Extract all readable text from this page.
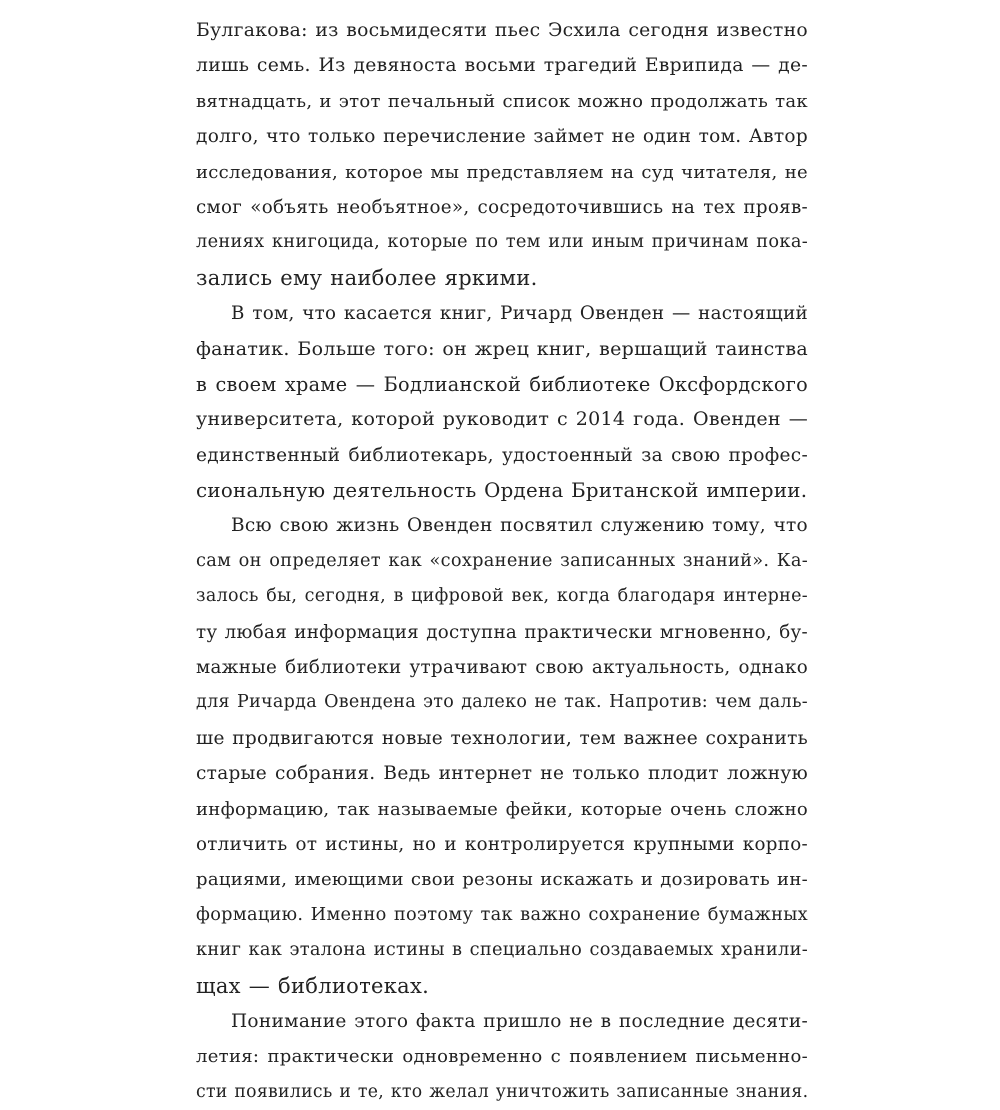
Булгакова: из восьмидесяти пьес Эсхила сегодня известно
лишь семь. Из девяноста восьми трагедий Еврипида — де-
вятнадцать, и этот печальный список можно продолжать так
долго, что только перечисление займет не один том. Автор
исследования, которое мы представляем на суд читателя, не
смог «объять необъятное», сосредоточившись на тех прояв-
лениях книгоцида, которые по тем или иным причинам пока-
зались ему наиболее яркими.
В том, что касается книг, Ричард Овенден — настоящий
фанатик. Больше того: он жрец книг, вершащий таинства
в своем храме — Бодлианской библиотеке Оксфордского
университета, которой руководит с 2014 года. Овенден —
единственный библиотекарь, удостоенный за свою профес-
сиональную деятельность Ордена Британской империи.
Всю свою жизнь Овенден посвятил служению тому, что
сам он определяет как «сохранение записанных знаний». Ка-
залось бы, сегодня, в цифровой век, когда благодаря интерне-
ту любая информация доступна практически мгновенно, бу-
мажные библиотеки утрачивают свою актуальность, однако
для Ричарда Овендена это далеко не так. Напротив: чем даль-
ше продвигаются новые технологии, тем важнее сохранить
старые собрания. Ведь интернет не только плодит ложную
информацию, так называемые фейки, которые очень сложно
отличить от истины, но и контролируется крупными корпо-
рациями, имеющими свои резоны искажать и дозировать ин-
формацию. Именно поэтому так важно сохранение бумажных
книг как эталона истины в специально создаваемых хранили-
щах — библиотеках.
Понимание этого факта пришло не в последние десяти-
летия: практически одновременно с появлением письменно-
сти появились и те, кто желал уничтожить записанные знания.
